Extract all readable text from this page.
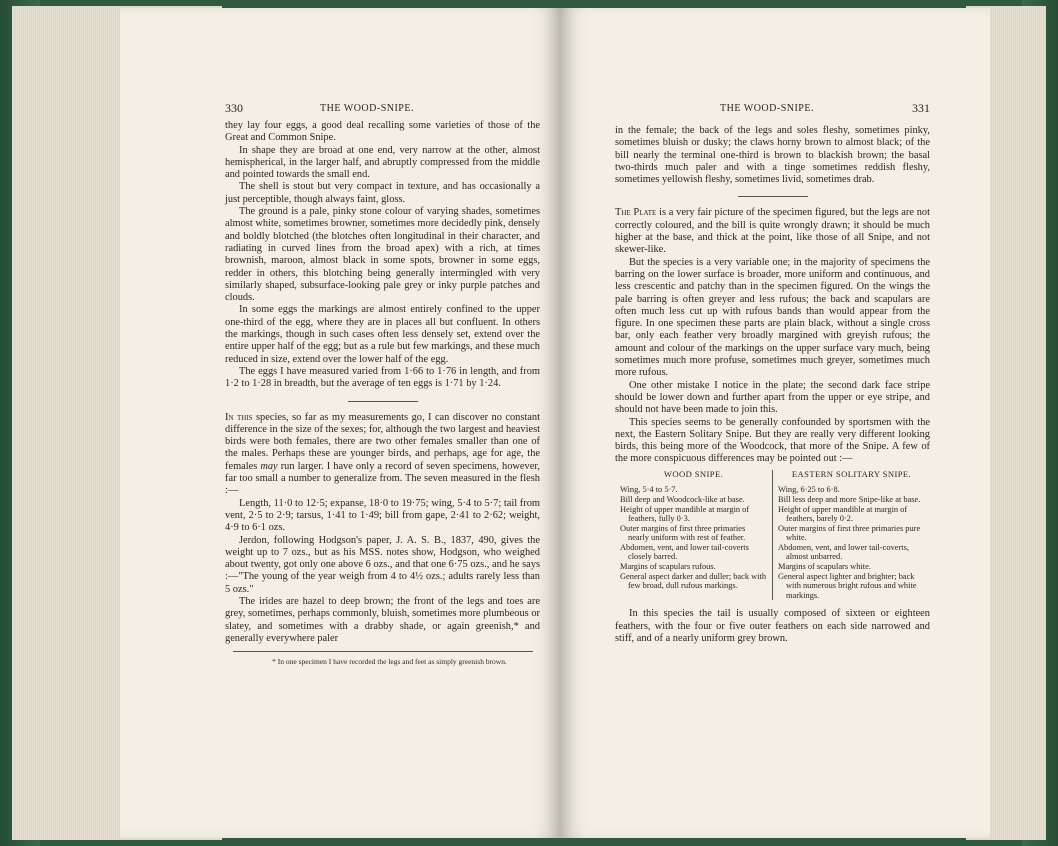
330	THE WOOD-SNIPE.

they lay four eggs, a good deal recalling some varieties of those of the Great and Common Snipe.

In shape they are broad at one end, very narrow at the other, almost hemispherical, in the larger half, and abruptly compressed from the middle and pointed towards the small end.

The shell is stout but very compact in texture, and has occasionally a just perceptible, though always faint, gloss.

The ground is a pale, pinky stone colour of varying shades, sometimes almost white, sometimes browner, sometimes more decidedly pink, densely and boldly blotched (the blotches often longitudinal in their character, and radiating in curved lines from the broad apex) with a rich, at times brownish, maroon, almost black in some spots, browner in some eggs, redder in others, this blotching being generally intermingled with very similarly shaped, subsurface-looking pale grey or inky purple patches and clouds.

In some eggs the markings are almost entirely confined to the upper one-third of the egg, where they are in places all but confluent. In others the markings, though in such cases often less densely set, extend over the entire upper half of the egg; but as a rule but few markings, and these much reduced in size, extend over the lower half of the egg.

The eggs I have measured varied from 1·66 to 1·76 in length, and from 1·2 to 1·28 in breadth, but the average of ten eggs is 1·71 by 1·24.

In this species, so far as my measurements go, I can discover no constant difference in the size of the sexes; for, although the two largest and heaviest birds were both females, there are two other females smaller than one of the males. Perhaps these are younger birds, and perhaps, age for age, the females may run larger. I have only a record of seven specimens, however, far too small a number to generalize from. The seven measured in the flesh :—

Length, 11·0 to 12·5; expanse, 18·0 to 19·75; wing, 5·4 to 5·7; tail from vent, 2·5 to 2·9; tarsus, 1·41 to 1·49; bill from gape, 2·41 to 2·62; weight, 4·9 to 6·1 ozs.

Jerdon, following Hodgson's paper, J. A. S. B., 1837, 490, gives the weight up to 7 ozs., but as his MSS. notes show, Hodgson, who weighed about twenty, got only one above 6 ozs., and that one 6·75 ozs., and he says :—"The young of the year weigh from 4 to 4½ ozs.; adults rarely less than 5 ozs."

The irides are hazel to deep brown; the front of the legs and toes are grey, sometimes, perhaps commonly, bluish, sometimes more plumbeous or slatey, and sometimes with a drabby shade, or again greenish,* and generally everywhere paler

* In one specimen I have recorded the legs and feet as simply greenish brown.

THE WOOD-SNIPE.	331

in the female; the back of the legs and soles fleshy, sometimes pinky, sometimes bluish or dusky; the claws horny brown to almost black; of the bill nearly the terminal one-third is brown to blackish brown; the basal two-thirds much paler and with a tinge sometimes reddish fleshy, sometimes yellowish fleshy, sometimes livid, sometimes drab.

The Plate is a very fair picture of the specimen figured, but the legs are not correctly coloured, and the bill is quite wrongly drawn; it should be much higher at the base, and thick at the point, like those of all Snipe, and not skewer-like.

But the species is a very variable one; in the majority of specimens the barring on the lower surface is broader, more uniform and continuous, and less crescentic and patchy than in the specimen figured. On the wings the pale barring is often greyer and less rufous; the back and scapulars are often much less cut up with rufous bands than would appear from the figure. In one specimen these parts are plain black, without a single cross bar, only each feather very broadly margined with greyish rufous; the amount and colour of the markings on the upper surface vary much, being sometimes much more profuse, sometimes much greyer, sometimes much more rufous.

One other mistake I notice in the plate; the second dark face stripe should be lower down and further apart from the upper or eye stripe, and should not have been made to join this.

This species seems to be generally confounded by sportsmen with the next, the Eastern Solitary Snipe. But they are really very different looking birds, this being more of the Woodcock, that more of the Snipe. A few of the more conspicuous differences may be pointed out :—

WOOD SNIPE.
Wing, 5·4 to 5·7.
Bill deep and Woodcock-like at base.
Height of upper mandible at margin of feathers, fully 0·3.
Outer margins of first three primaries nearly uniform with rest of feather.
Abdomen, vent, and lower tail-coverts closely barred.
Margins of scapulars rufous.
General aspect darker and duller; back with few broad, dull rufous markings.
EASTERN SOLITARY SNIPE.
Wing, 6·25 to 6·8.
Bill less deep and more Snipe-like at base.
Height of upper mandible at margin of feathers, barely 0·2.
Outer margins of first three primaries pure white.
Abdomen, vent, and lower tail-coverts, almost unbarred.
Margins of scapulars white.
General aspect lighter and brighter; back with numerous bright rufous and white markings.

In this species the tail is usually composed of sixteen or eighteen feathers, with the four or five outer feathers on each side narrowed and stiff, and of a nearly uniform grey brown.
